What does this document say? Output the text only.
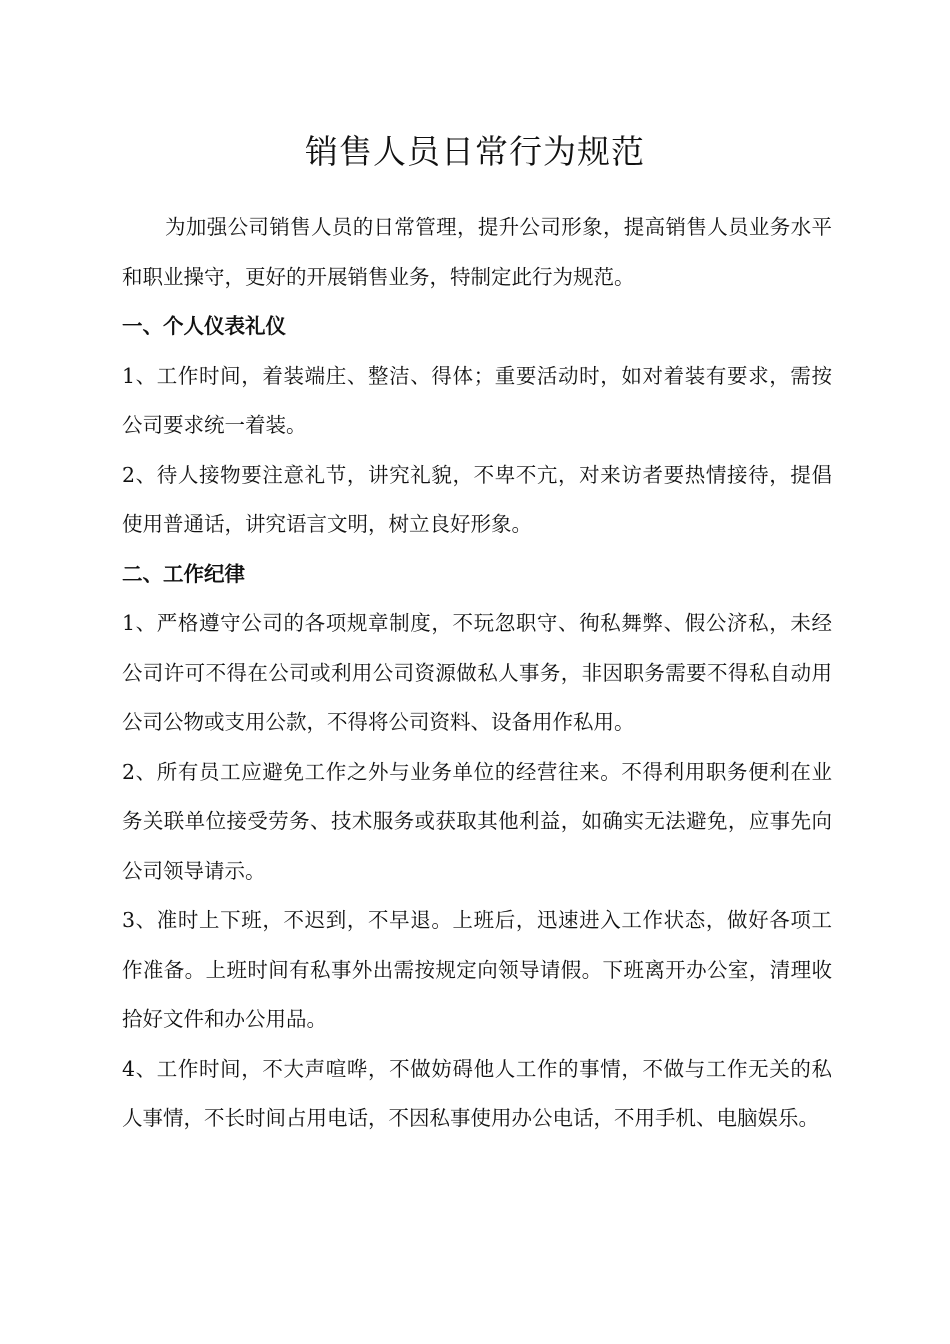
销售人员日常行为规范

为加强公司销售人员的日常管理，提升公司形象，提高销售人员业务水平和职业操守，更好的开展销售业务，特制定此行为规范。

一、个人仪表礼仪

1、工作时间，着装端庄、整洁、得体；重要活动时，如对着装有要求，需按公司要求统一着装。

2、待人接物要注意礼节，讲究礼貌，不卑不亢，对来访者要热情接待，提倡使用普通话，讲究语言文明，树立良好形象。

二、工作纪律

1、严格遵守公司的各项规章制度，不玩忽职守、徇私舞弊、假公济私，未经公司许可不得在公司或利用公司资源做私人事务，非因职务需要不得私自动用公司公物或支用公款，不得将公司资料、设备用作私用。

2、所有员工应避免工作之外与业务单位的经营往来。不得利用职务便利在业务关联单位接受劳务、技术服务或获取其他利益，如确实无法避免，应事先向公司领导请示。

3、准时上下班，不迟到，不早退。上班后，迅速进入工作状态，做好各项工作准备。上班时间有私事外出需按规定向领导请假。下班离开办公室，清理收拾好文件和办公用品。

4、工作时间，不大声喧哗，不做妨碍他人工作的事情，不做与工作无关的私人事情，不长时间占用电话，不因私事使用办公电话，不用手机、电脑娱乐。
